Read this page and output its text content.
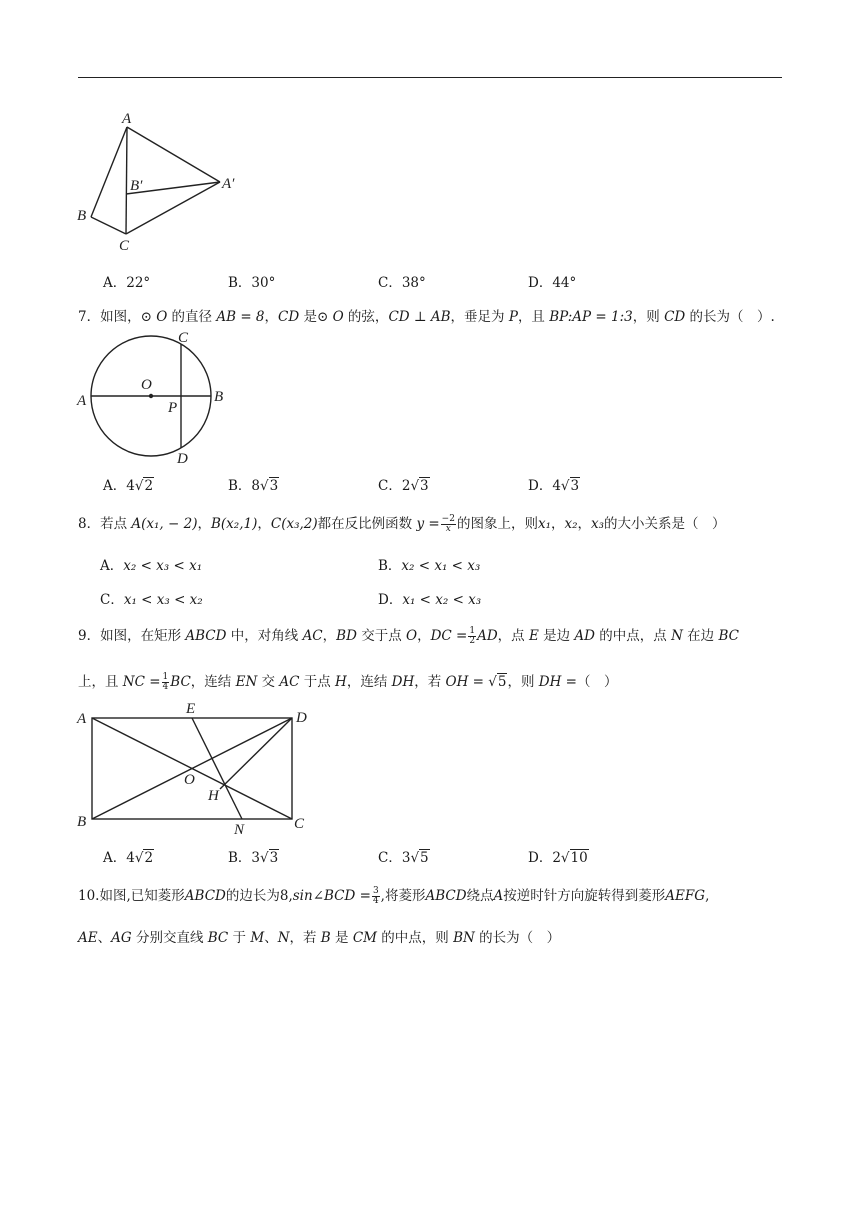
A
B
C
B′	A′
A．22°	B．30°	C．38°	D．44°
7．如图，⊙ O 的直径 AB = 8，CD 是⊙ O 的弦，CD ⊥ AB，垂足为 P，且 BP:AP = 1:3，则 CD 的长为（　）.
O
A	B
C
D
P
A．4√2	B．8√3	C．2√3	D．4√3
8．若点 A(x₁, − 2)，B(x₂,1)，C(x₃,2)都在反比例函数 $y = \frac{-2}{x}$ 的图象上，则x₁，x₂，x₃的大小关系是（　）
A．x₂ < x₃ < x₁	B．x₂ < x₁ < x₃
C．x₁ < x₃ < x₂	D．x₁ < x₂ < x₃
9．如图，在矩形 ABCD 中，对角线 AC，BD 交于点 O，DC = $\frac{1}{2}$ AD，点 E 是边 AD 的中点，点 N 在边 BC
上，且 NC = $\frac{1}{4}$ BC，连结 EN 交 AC 于点 H，连结 DH，若 OH = √5，则 DH =（　）
A
B	C
D
E
N
O
H
A．4√2	B．3√3	C．3√5	D．2√10
10.如图,已知菱形ABCD的边长为8,sin∠BCD = $\frac{3}{4}$ ,将菱形ABCD绕点A按逆时针方向旋转得到菱形AEFG,
AE、AG 分别交直线 BC 于 M、N，若 B 是 CM 的中点，则 BN 的长为（　）
